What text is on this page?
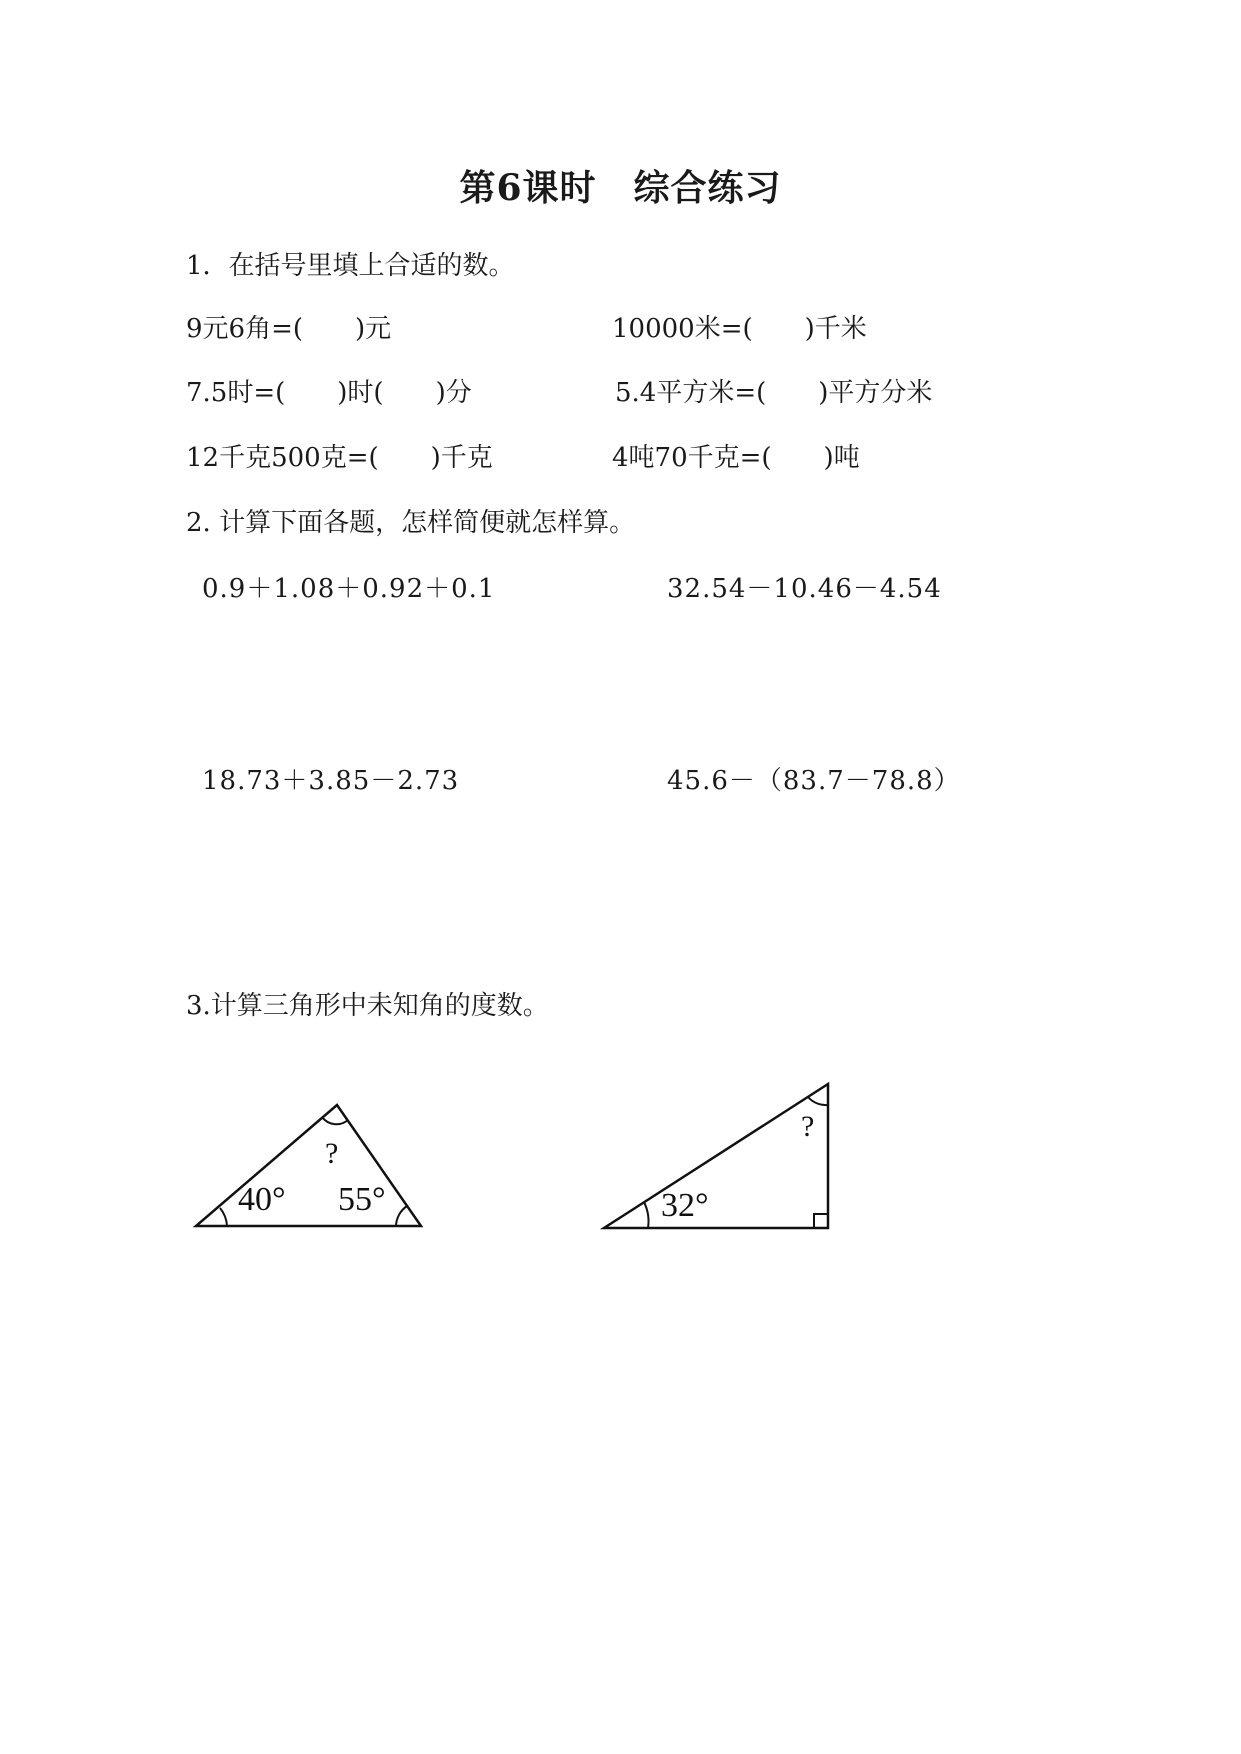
第6课时　综合练习
1．在括号里填上合适的数。
9元6角=(　　)元	10000米=(　　)千米
7.5时=(　　)时(　　)分	5.4平方米=(　　)平方分米
12千克500克=(　　)千克	4吨70千克=(　　)吨
2. 计算下面各题，怎样简便就怎样算。
0.9＋1.08＋0.92＋0.1	32.54－10.46－4.54
18.73＋3.85－2.73	45.6－（83.7－78.8）
3.计算三角形中未知角的度数。
40° 55°
?
32°
?
